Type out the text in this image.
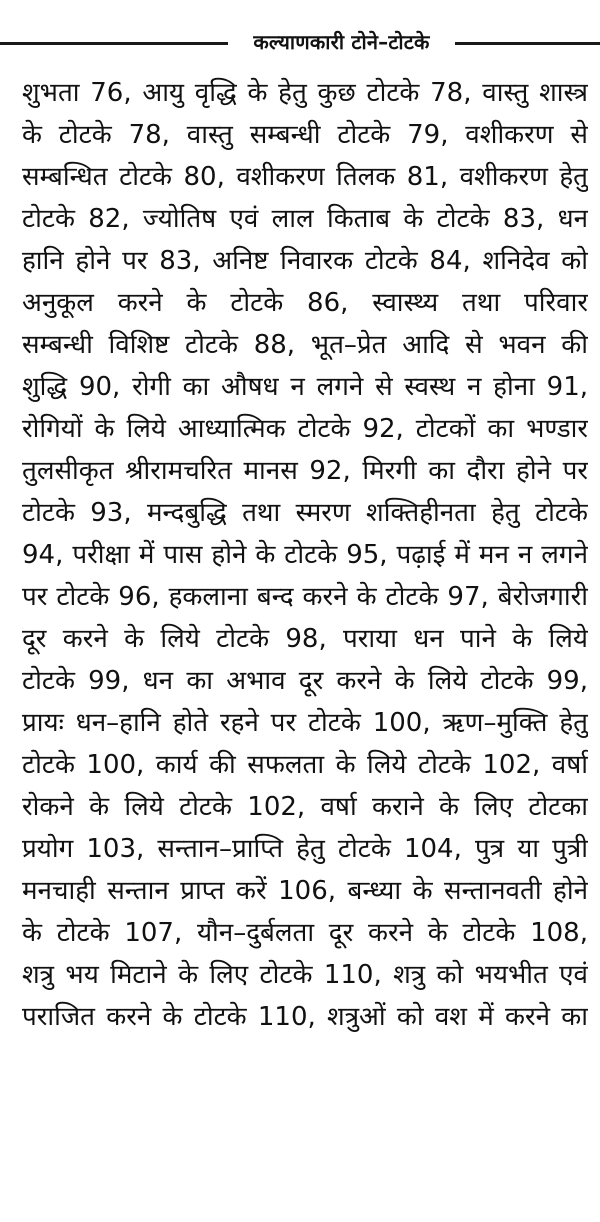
कल्याणकारी टोने–टोटके
शुभता 76, आयु वृद्धि के हेतु कुछ टोटके 78, वास्तु शास्त्र
के टोटके 78, वास्तु सम्बन्धी टोटके 79, वशीकरण से
सम्बन्धित टोटके 80, वशीकरण तिलक 81, वशीकरण हेतु
टोटके 82, ज्योतिष एवं लाल किताब के टोटके 83, धन
हानि होने पर 83, अनिष्ट निवारक टोटके 84, शनिदेव को
अनुकूल करने के टोटके 86, स्वास्थ्य तथा परिवार
सम्बन्धी विशिष्ट टोटके 88, भूत–प्रेत आदि से भवन की
शुद्धि 90, रोगी का औषध न लगने से स्वस्थ न होना 91,
रोगियों के लिये आध्यात्मिक टोटके 92, टोटकों का भण्डार
तुलसीकृत श्रीरामचरित मानस 92, मिरगी का दौरा होने पर
टोटके 93, मन्दबुद्धि तथा स्मरण शक्तिहीनता हेतु टोटके
94, परीक्षा में पास होने के टोटके 95, पढ़ाई में मन न लगने
पर टोटके 96, हकलाना बन्द करने के टोटके 97, बेरोजगारी
दूर करने के लिये टोटके 98, पराया धन पाने के लिये
टोटके 99, धन का अभाव दूर करने के लिये टोटके 99,
प्रायः धन–हानि होते रहने पर टोटके 100, ऋण–मुक्ति हेतु
टोटके 100, कार्य की सफलता के लिये टोटके 102, वर्षा
रोकने के लिये टोटके 102, वर्षा कराने के लिए टोटका
प्रयोग 103, सन्तान–प्राप्ति हेतु टोटके 104, पुत्र या पुत्री
मनचाही सन्तान प्राप्त करें 106, बन्ध्या के सन्तानवती होने
के टोटके 107, यौन–दुर्बलता दूर करने के टोटके 108,
शत्रु भय मिटाने के लिए टोटके 110, शत्रु को भयभीत एवं
पराजित करने के टोटके 110, शत्रुओं को वश में करने का
